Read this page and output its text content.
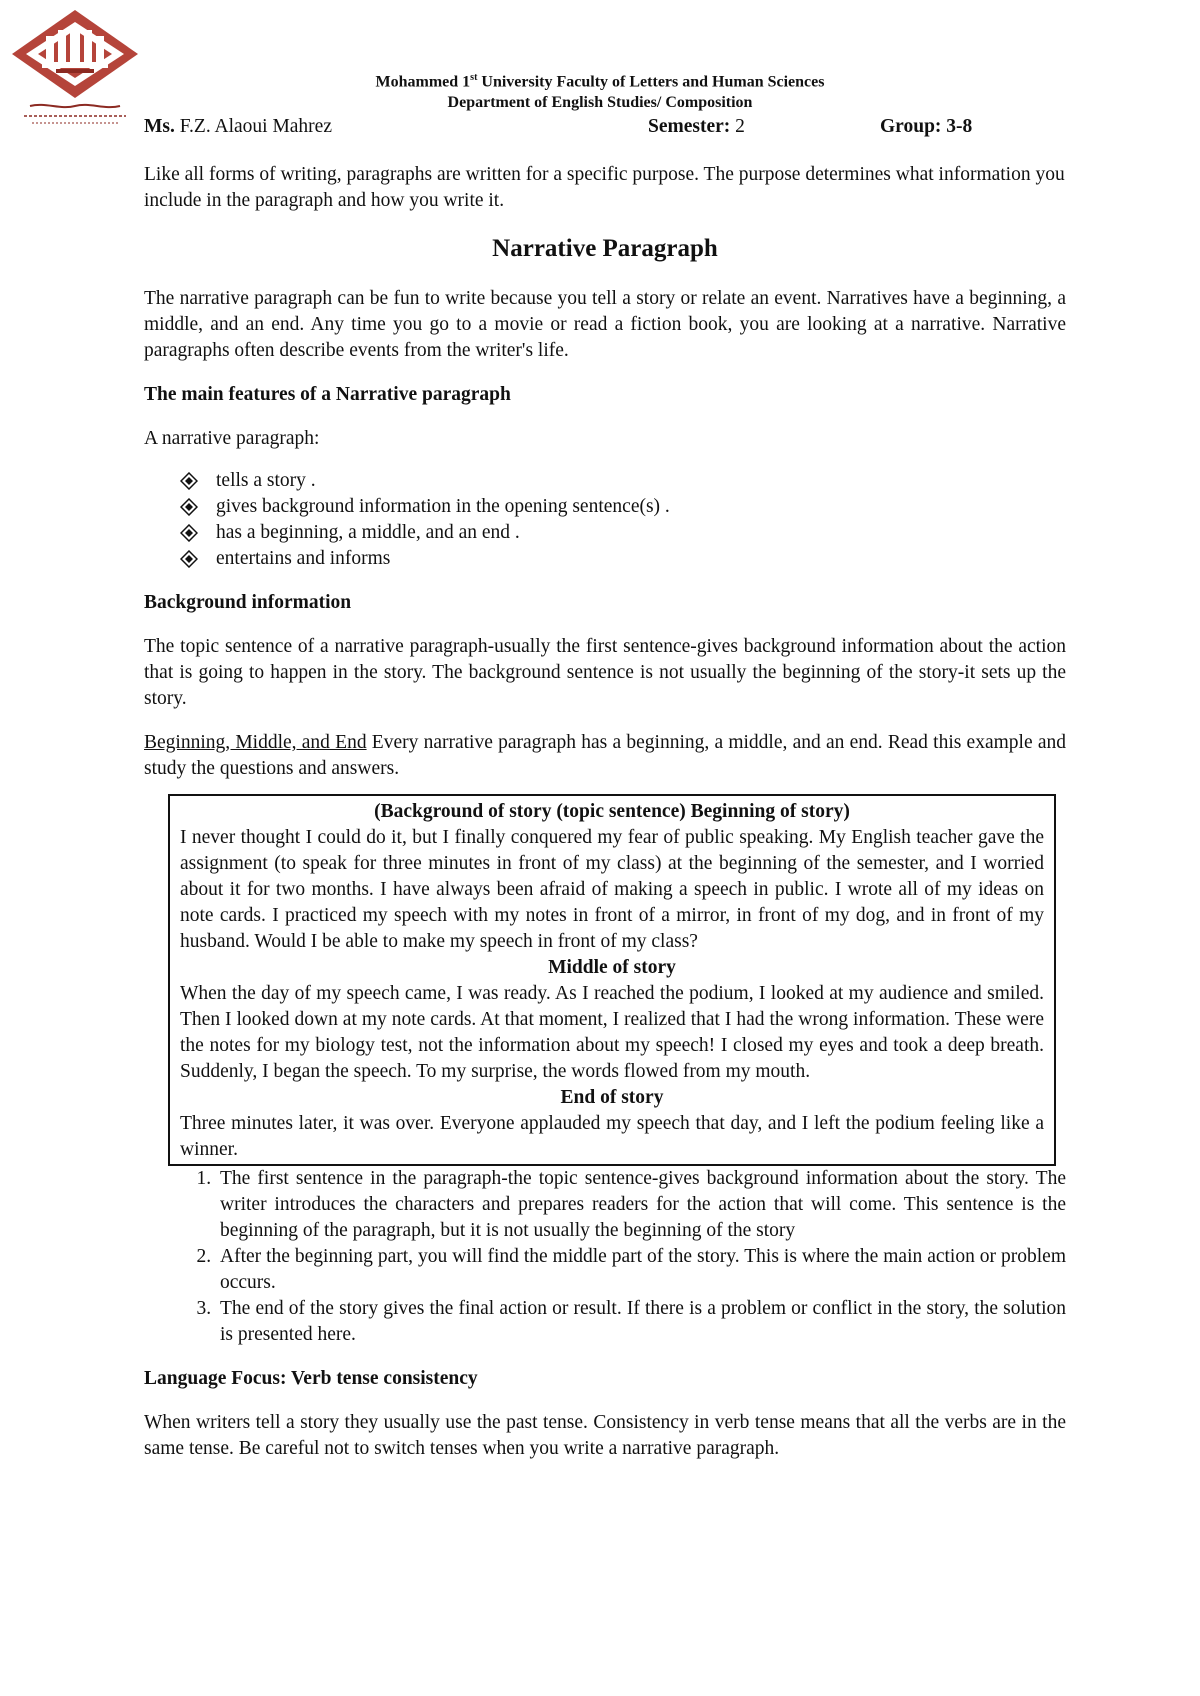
Mohammed 1st University Faculty of Letters and Human Sciences
Department of English Studies/ Composition
Ms. F.Z. Alaoui Mahrez	Semester: 2	Group: 3-8

Like all forms of writing, paragraphs are written for a specific purpose. The purpose determines what information you include in the paragraph and how you write it.

Narrative Paragraph

The narrative paragraph can be fun to write because you tell a story or relate an event. Narratives have a beginning, a middle, and an end. Any time you go to a movie or read a fiction book, you are looking at a narrative. Narrative paragraphs often describe events from the writer's life.

The main features of a Narrative paragraph

A narrative paragraph:

tells a story .
gives background information in the opening sentence(s) .
has a beginning, a middle, and an end .
entertains and informs
Background information

The topic sentence of a narrative paragraph-usually the first sentence-gives background information about the action that is going to happen in the story. The background sentence is not usually the beginning of the story-it sets up the story.

Beginning, Middle, and End Every narrative paragraph has a beginning, a middle, and an end. Read this example and study the questions and answers.

(Background of story (topic sentence) Beginning of story)

I never thought I could do it, but I finally conquered my fear of public speaking. My English teacher gave the assignment (to speak for three minutes in front of my class) at the beginning of the semester, and I worried about it for two months. I have always been afraid of making a speech in public. I wrote all of my ideas on note cards. I practiced my speech with my notes in front of a mirror, in front of my dog, and in front of my husband. Would I be able to make my speech in front of my class?

Middle of story

When the day of my speech came, I was ready. As I reached the podium, I looked at my audience and smiled. Then I looked down at my note cards. At that moment, I realized that I had the wrong information. These were the notes for my biology test, not the information about my speech! I closed my eyes and took a deep breath. Suddenly, I began the speech. To my surprise, the words flowed from my mouth.

End of story

Three minutes later, it was over. Everyone applauded my speech that day, and I left the podium feeling like a winner.

1. The first sentence in the paragraph-the topic sentence-gives background information about the story. The writer introduces the characters and prepares readers for the action that will come. This sentence is the beginning of the paragraph, but it is not usually the beginning of the story
2. After the beginning part, you will find the middle part of the story. This is where the main action or problem occurs.
3. The end of the story gives the final action or result. If there is a problem or conflict in the story, the solution is presented here.
Language Focus: Verb tense consistency

When writers tell a story they usually use the past tense. Consistency in verb tense means that all the verbs are in the same tense. Be careful not to switch tenses when you write a narrative paragraph.
